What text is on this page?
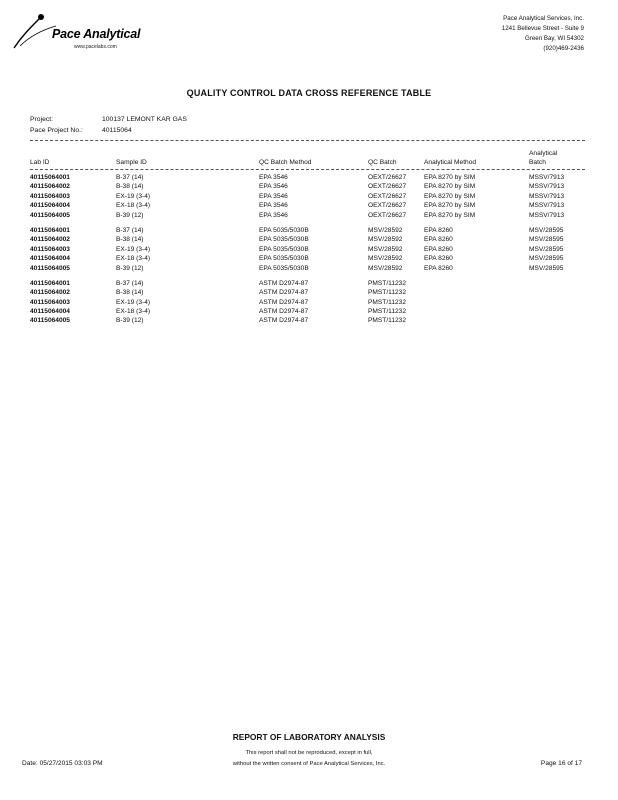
Pace Analytical
www.pacelabs.com
Pace Analytical Services, Inc.
1241 Bellevue Street - Suite 9
Green Bay, WI 54302
(920)469-2436
QUALITY CONTROL DATA CROSS REFERENCE TABLE
Project:	100137 LEMONT KAR GAS
Pace Project No.:	40115064
Lab ID	Sample ID	QC Batch Method	QC Batch	Analytical Method
Analytical
Batch
40115064001	B-37 (14)	EPA 3546	OEXT/26627	EPA 8270 by SIM	MSSV/7913
40115064002	B-38 (14)	EPA 3546	OEXT/26627	EPA 8270 by SIM	MSSV/7913
40115064003	EX-19 (3-4)	EPA 3546	OEXT/26627	EPA 8270 by SIM	MSSV/7913
40115064004	EX-18 (3-4)	EPA 3546	OEXT/26627	EPA 8270 by SIM	MSSV/7913
40115064005	B-39 (12)	EPA 3546	OEXT/26627	EPA 8270 by SIM	MSSV/7913
40115064001	B-37 (14)	EPA 5035/5030B	MSV/28592	EPA 8260	MSV/28595
40115064002	B-38 (14)	EPA 5035/5030B	MSV/28592	EPA 8260	MSV/28595
40115064003	EX-19 (3-4)	EPA 5035/5030B	MSV/28592	EPA 8260	MSV/28595
40115064004	EX-18 (3-4)	EPA 5035/5030B	MSV/28592	EPA 8260	MSV/28595
40115064005	B-39 (12)	EPA 5035/5030B	MSV/28592	EPA 8260	MSV/28595
40115064001	B-37 (14)	ASTM D2974-87	PMST/11232
40115064002	B-38 (14)	ASTM D2974-87	PMST/11232
40115064003	EX-19 (3-4)	ASTM D2974-87	PMST/11232
40115064004	EX-18 (3-4)	ASTM D2974-87	PMST/11232
40115064005	B-39 (12)	ASTM D2974-87	PMST/11232
REPORT OF LABORATORY ANALYSIS
This report shall not be reproduced, except in full,
without the written consent of Pace Analytical Services, Inc.
Date: 05/27/2015 03:03 PM	Page 16 of 17
